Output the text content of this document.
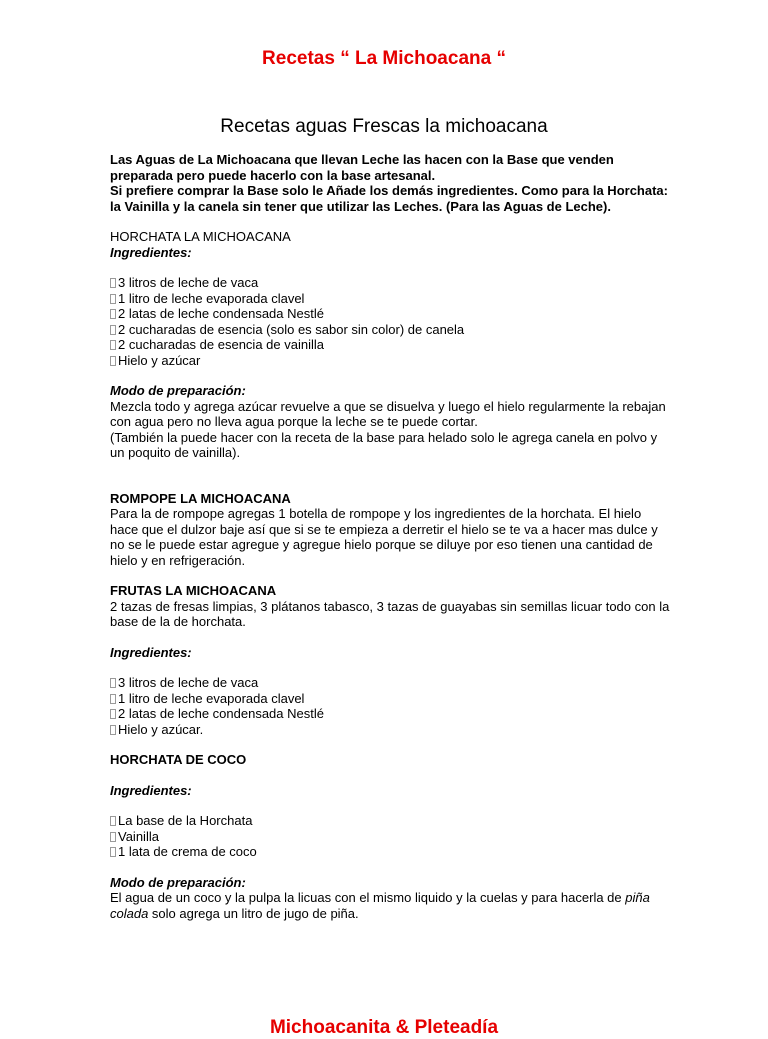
Recetas “ La Michoacana “
Recetas aguas Frescas la michoacana

Las Aguas de La Michoacana que llevan Leche las hacen con la Base que venden preparada pero puede hacerlo con la base artesanal.

Si prefiere comprar la Base solo le Añade los demás ingredientes. Como para la Horchata: la Vainilla y la canela sin tener que utilizar las Leches. (Para las Aguas de Leche).

HORCHATA LA MICHOACANA

Ingredientes:

3 litros de leche de vaca
1 litro de leche evaporada clavel
2 latas de leche condensada Nestlé
2 cucharadas de esencia (solo es sabor sin color) de canela
2 cucharadas de esencia de vainilla
Hielo y azúcar

Modo de preparación:

Mezcla todo y agrega azúcar revuelve a que se disuelva y luego el hielo regularmente la rebajan con agua pero no lleva agua porque la leche se te puede cortar.

(También la puede hacer con la receta de la base para helado solo le agrega canela en polvo y un poquito de vainilla).

ROMPOPE LA MICHOACANA

Para la de rompope agregas 1 botella de rompope y los ingredientes de la horchata. El hielo hace que el dulzor baje así que si se te empieza a derretir el hielo se te va a hacer mas dulce y no se le puede estar agregue y agregue hielo porque se diluye por eso tienen una cantidad de hielo y en refrigeración.

FRUTAS LA MICHOACANA

2 tazas de fresas limpias, 3 plátanos tabasco, 3 tazas de guayabas sin semillas licuar todo con la base de la de horchata.

Ingredientes:

3 litros de leche de vaca
1 litro de leche evaporada clavel
2 latas de leche condensada Nestlé
Hielo y azúcar.

HORCHATA DE COCO

Ingredientes:

La base de la Horchata
Vainilla
1 lata de crema de coco

Modo de preparación:

El agua de un coco y la pulpa la licuas con el mismo liquido y la cuelas y para hacerla de piña colada solo agrega un litro de jugo de piña.

Michoacanita & Pleteadía
